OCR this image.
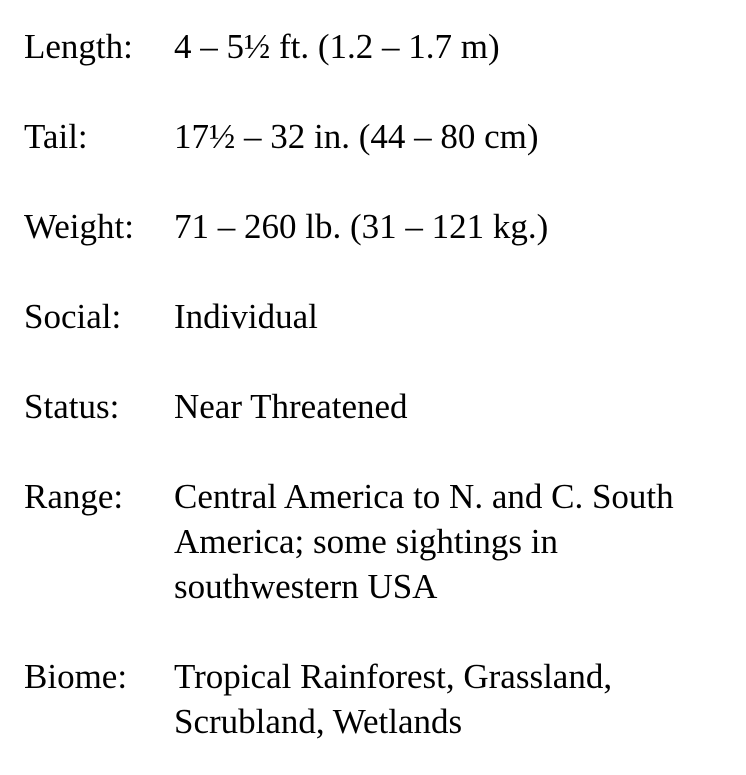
Length: 4 – 5½ ft. (1.2 – 1.7 m)
Tail: 17½ – 32 in. (44 – 80 cm)
Weight: 71 – 260 lb. (31 – 121 kg.)
Social: Individual
Status: Near Threatened
Range: Central America to N. and C. South
America; some sightings in
southwestern USA
Biome: Tropical Rainforest, Grassland,
Scrubland, Wetlands
